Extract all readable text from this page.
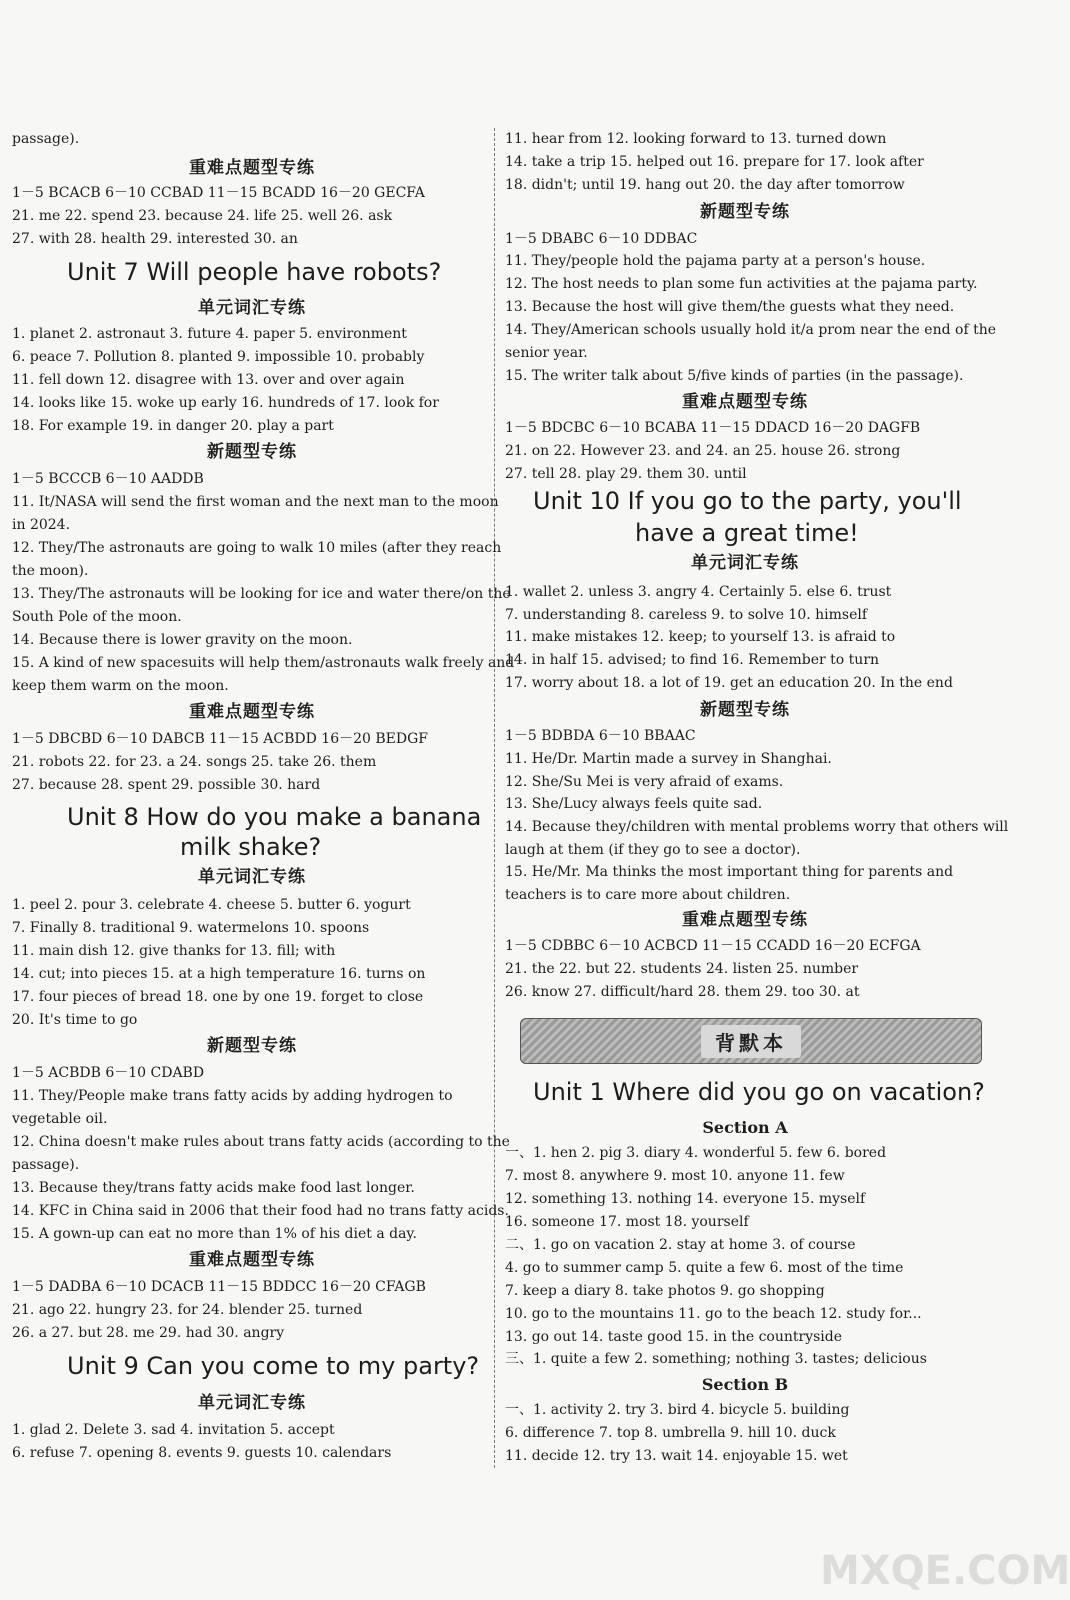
passage).
重难点题型专练
1－5 BCACB 6－10 CCBAD 11－15 BCADD 16－20 GECFA
21. me 22. spend 23. because 24. life 25. well 26. ask
27. with 28. health 29. interested 30. an
Unit 7 Will people have robots?
单元词汇专练
1. planet 2. astronaut 3. future 4. paper 5. environment
6. peace 7. Pollution 8. planted 9. impossible 10. probably
11. fell down 12. disagree with 13. over and over again
14. looks like 15. woke up early 16. hundreds of 17. look for
18. For example 19. in danger 20. play a part
新题型专练
1－5 BCCCB 6－10 AADDB
11. It/NASA will send the first woman and the next man to the moon
in 2024.
12. They/The astronauts are going to walk 10 miles (after they reach
the moon).
13. They/The astronauts will be looking for ice and water there/on the
South Pole of the moon.
14. Because there is lower gravity on the moon.
15. A kind of new spacesuits will help them/astronauts walk freely and
keep them warm on the moon.
重难点题型专练
1－5 DBCBD 6－10 DABCB 11－15 ACBDD 16－20 BEDGF
21. robots 22. for 23. a 24. songs 25. take 26. them
27. because 28. spent 29. possible 30. hard
Unit 8 How do you make a banana
milk shake?
单元词汇专练
1. peel 2. pour 3. celebrate 4. cheese 5. butter 6. yogurt
7. Finally 8. traditional 9. watermelons 10. spoons
11. main dish 12. give thanks for 13. fill; with
14. cut; into pieces 15. at a high temperature 16. turns on
17. four pieces of bread 18. one by one 19. forget to close
20. It's time to go
新题型专练
1－5 ACBDB 6－10 CDABD
11. They/People make trans fatty acids by adding hydrogen to
vegetable oil.
12. China doesn't make rules about trans fatty acids (according to the
passage).
13. Because they/trans fatty acids make food last longer.
14. KFC in China said in 2006 that their food had no trans fatty acids.
15. A gown-up can eat no more than 1% of his diet a day.
重难点题型专练
1－5 DADBA 6－10 DCACB 11－15 BDDCC 16－20 CFAGB
21. ago 22. hungry 23. for 24. blender 25. turned
26. a 27. but 28. me 29. had 30. angry
Unit 9 Can you come to my party?
单元词汇专练
1. glad 2. Delete 3. sad 4. invitation 5. accept
6. refuse 7. opening 8. events 9. guests 10. calendars
11. hear from 12. looking forward to 13. turned down
14. take a trip 15. helped out 16. prepare for 17. look after
18. didn't; until 19. hang out 20. the day after tomorrow
新题型专练
1－5 DBABC 6－10 DDBAC
11. They/people hold the pajama party at a person's house.
12. The host needs to plan some fun activities at the pajama party.
13. Because the host will give them/the guests what they need.
14. They/American schools usually hold it/a prom near the end of the
senior year.
15. The writer talk about 5/five kinds of parties (in the passage).
重难点题型专练
1－5 BDCBC 6－10 BCABA 11－15 DDACD 16－20 DAGFB
21. on 22. However 23. and 24. an 25. house 26. strong
27. tell 28. play 29. them 30. until
Unit 10 If you go to the party, you'll
have a great time!
单元词汇专练
1. wallet 2. unless 3. angry 4. Certainly 5. else 6. trust
7. understanding 8. careless 9. to solve 10. himself
11. make mistakes 12. keep; to yourself 13. is afraid to
14. in half 15. advised; to find 16. Remember to turn
17. worry about 18. a lot of 19. get an education 20. In the end
新题型专练
1－5 BDBDA 6－10 BBAAC
11. He/Dr. Martin made a survey in Shanghai.
12. She/Su Mei is very afraid of exams.
13. She/Lucy always feels quite sad.
14. Because they/children with mental problems worry that others will
laugh at them (if they go to see a doctor).
15. He/Mr. Ma thinks the most important thing for parents and
teachers is to care more about children.
重难点题型专练
1－5 CDBBC 6－10 ACBCD 11－15 CCADD 16－20 ECFGA
21. the 22. but 22. students 24. listen 25. number
26. know 27. difficult/hard 28. them 29. too 30. at
背默本
Unit 1 Where did you go on vacation?
Section A
一、1. hen 2. pig 3. diary 4. wonderful 5. few 6. bored
7. most 8. anywhere 9. most 10. anyone 11. few
12. something 13. nothing 14. everyone 15. myself
16. someone 17. most 18. yourself
二、1. go on vacation 2. stay at home 3. of course
4. go to summer camp 5. quite a few 6. most of the time
7. keep a diary 8. take photos 9. go shopping
10. go to the mountains 11. go to the beach 12. study for...
13. go out 14. taste good 15. in the countryside
三、1. quite a few 2. something; nothing 3. tastes; delicious
Section B
一、1. activity 2. try 3. bird 4. bicycle 5. building
6. difference 7. top 8. umbrella 9. hill 10. duck
11. decide 12. try 13. wait 14. enjoyable 15. wet
MXQE.COM
